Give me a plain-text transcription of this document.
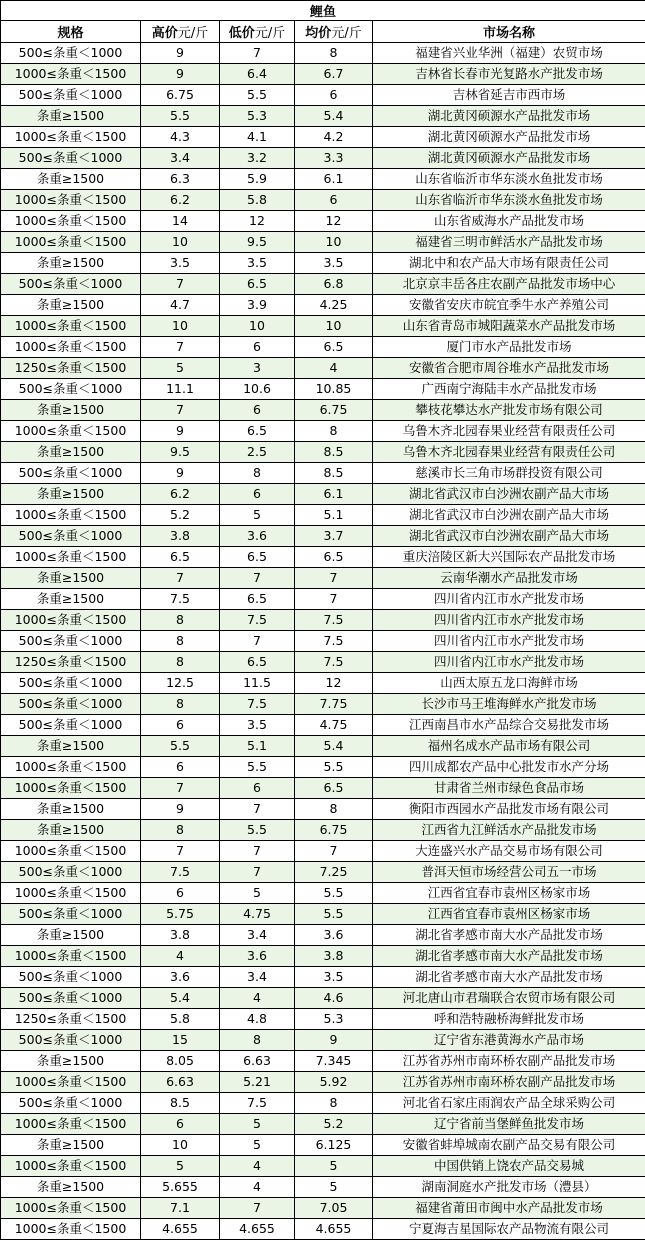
鲤鱼				
规格	高价元/斤	低价元/斤	均价元/斤	市场名称
500≤条重＜1000	9	7	8	福建省兴业华洲（福建）农贸市场
1000≤条重＜1500	9	6.4	6.7	吉林省长春市光复路水产批发市场
500≤条重＜1000	6.75	5.5	6	吉林省延吉市西市场
条重≥1500	5.5	5.3	5.4	湖北黄冈硕源水产品批发市场
1000≤条重＜1500	4.3	4.1	4.2	湖北黄冈硕源水产品批发市场
500≤条重＜1000	3.4	3.2	3.3	湖北黄冈硕源水产品批发市场
条重≥1500	6.3	5.9	6.1	山东省临沂市华东淡水鱼批发市场
1000≤条重＜1500	6.2	5.8	6	山东省临沂市华东淡水鱼批发市场
1000≤条重＜1500	14	12	12	山东省威海水产品批发市场
1000≤条重＜1500	10	9.5	10	福建省三明市鲜活水产品批发市场
条重≥1500	3.5	3.5	3.5	湖北中和农产品大市场有限责任公司
500≤条重＜1000	7	6.5	6.8	北京京丰岳各庄农副产品批发市场中心
条重≥1500	4.7	3.9	4.25	安徽省安庆市皖宜季牛水产养殖公司
1000≤条重＜1500	10	10	10	山东省青岛市城阳蔬菜水产品批发市场
1000≤条重＜1500	7	6	6.5	厦门市水产品批发市场
1250≤条重＜1500	5	3	4	安徽省合肥市周谷堆水产品批发市场
500≤条重＜1000	11.1	10.6	10.85	广西南宁海陆丰水产品批发市场
条重≥1500	7	6	6.75	攀枝花攀达水产批发市场有限公司
1000≤条重＜1500	9	6.5	8	乌鲁木齐北园春果业经营有限责任公司
条重≥1500	9.5	2.5	8.5	乌鲁木齐北园春果业经营有限责任公司
500≤条重＜1000	9	8	8.5	慈溪市长三角市场群投资有限公司
条重≥1500	6.2	6	6.1	湖北省武汉市白沙洲农副产品大市场
1000≤条重＜1500	5.2	5	5.1	湖北省武汉市白沙洲农副产品大市场
500≤条重＜1000	3.8	3.6	3.7	湖北省武汉市白沙洲农副产品大市场
1000≤条重＜1500	6.5	6.5	6.5	重庆涪陵区新大兴国际农产品批发市场
条重≥1500	7	7	7	云南华潮水产品批发市场
条重≥1500	7.5	6.5	7	四川省内江市水产批发市场
1000≤条重＜1500	8	7.5	7.5	四川省内江市水产批发市场
500≤条重＜1000	8	7	7.5	四川省内江市水产批发市场
1250≤条重＜1500	8	6.5	7.5	四川省内江市水产批发市场
500≤条重＜1000	12.5	11.5	12	山西太原五龙口海鲜市场
500≤条重＜1000	8	7.5	7.75	长沙市马王堆海鲜水产批发市场
500≤条重＜1000	6	3.5	4.75	江西南昌市水产品综合交易批发市场
条重≥1500	5.5	5.1	5.4	福州名成水产品市场有限公司
1000≤条重＜1500	6	5.5	5.5	四川成都农产品中心批发市水产分场
1000≤条重＜1500	7	6	6.5	甘肃省兰州市绿色食品市场
条重≥1500	9	7	8	衡阳市西园水产品批发市场有限公司
条重≥1500	8	5.5	6.75	江西省九江鲜活水产品批发市场
1000≤条重＜1500	7	7	7	大连盛兴水产品交易市场有限公司
500≤条重＜1000	7.5	7	7.25	普洱天恒市场经营公司五一市场
1000≤条重＜1500	6	5	5.5	江西省宜春市袁州区杨家市场
500≤条重＜1000	5.75	4.75	5.5	江西省宜春市袁州区杨家市场
条重≥1500	3.8	3.4	3.6	湖北省孝感市南大水产品批发市场
1000≤条重＜1500	4	3.6	3.8	湖北省孝感市南大水产品批发市场
500≤条重＜1000	3.6	3.4	3.5	湖北省孝感市南大水产品批发市场
500≤条重＜1000	5.4	4	4.6	河北唐山市君瑞联合农贸市场有限公司
1250≤条重＜1500	5.8	4.8	5.3	呼和浩特融桥海鲜批发市场
500≤条重＜1000	15	8	9	辽宁省东港黄海水产品市场
条重≥1500	8.05	6.63	7.345	江苏省苏州市南环桥农副产品批发市场
1000≤条重＜1500	6.63	5.21	5.92	江苏省苏州市南环桥农副产品批发市场
500≤条重＜1000	8.5	7.5	8	河北省石家庄雨润农产品全球采购公司
1000≤条重＜1500	6	5	5.2	辽宁省前当堡鲜鱼批发市场
条重≥1500	10	5	6.125	安徽省蚌埠城南农副产品交易有限公司
1000≤条重＜1500	5	4	5	中国供销上饶农产品交易城
条重≥1500	5.655	4	5	湖南洞庭水产批发市场（澧县）
1000≤条重＜1500	7.1	7	7.05	福建省莆田市闽中水产品批发市场
1000≤条重＜1500	4.655	4.655	4.655	宁夏海吉星国际农产品物流有限公司
